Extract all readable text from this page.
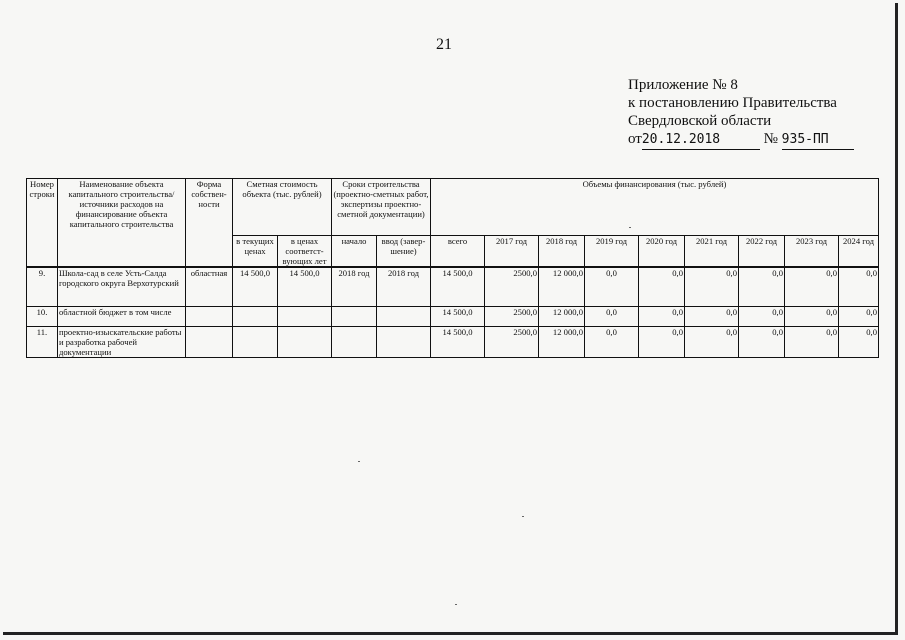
21
Приложение № 8
к постановлению Правительства
Свердловской области
от20.12.2018	№ 935-ПП
Номер строки	Наименование объекта капитального строительства/ источники расходов на финансирование объекта капитального строительства	Форма собствен-ности	Сметная стоимость объекта (тыс. рублей)		Сроки строительства (проектно-сметных работ, экспертизы проектно-сметной документации)		Объемы финансирования (тыс. рублей)								
			в текущих ценах	в ценах соответст-вующих лет	начало	ввод (завер-шение)	всего	2017 год	2018 год	2019 год	2020 год	2021 год	2022 год	2023 год	2024 год
9.	Школа-сад в селе Усть-Салда городского округа Верхотурский	областная	14 500,0	14 500,0	2018 год	2018 год	14 500,0	2500,0	12 000,0	0,0	0,0	0,0	0,0	0,0	0,0
10.	областной бюджет в том числе						14 500,0	2500,0	12 000,0	0,0	0,0	0,0	0,0	0,0	0,0
11.	проектно-изыскательские работы и разработка рабочей документации						14 500,0	2500,0	12 000,0	0,0	0,0	0,0	0,0	0,0	0,0
